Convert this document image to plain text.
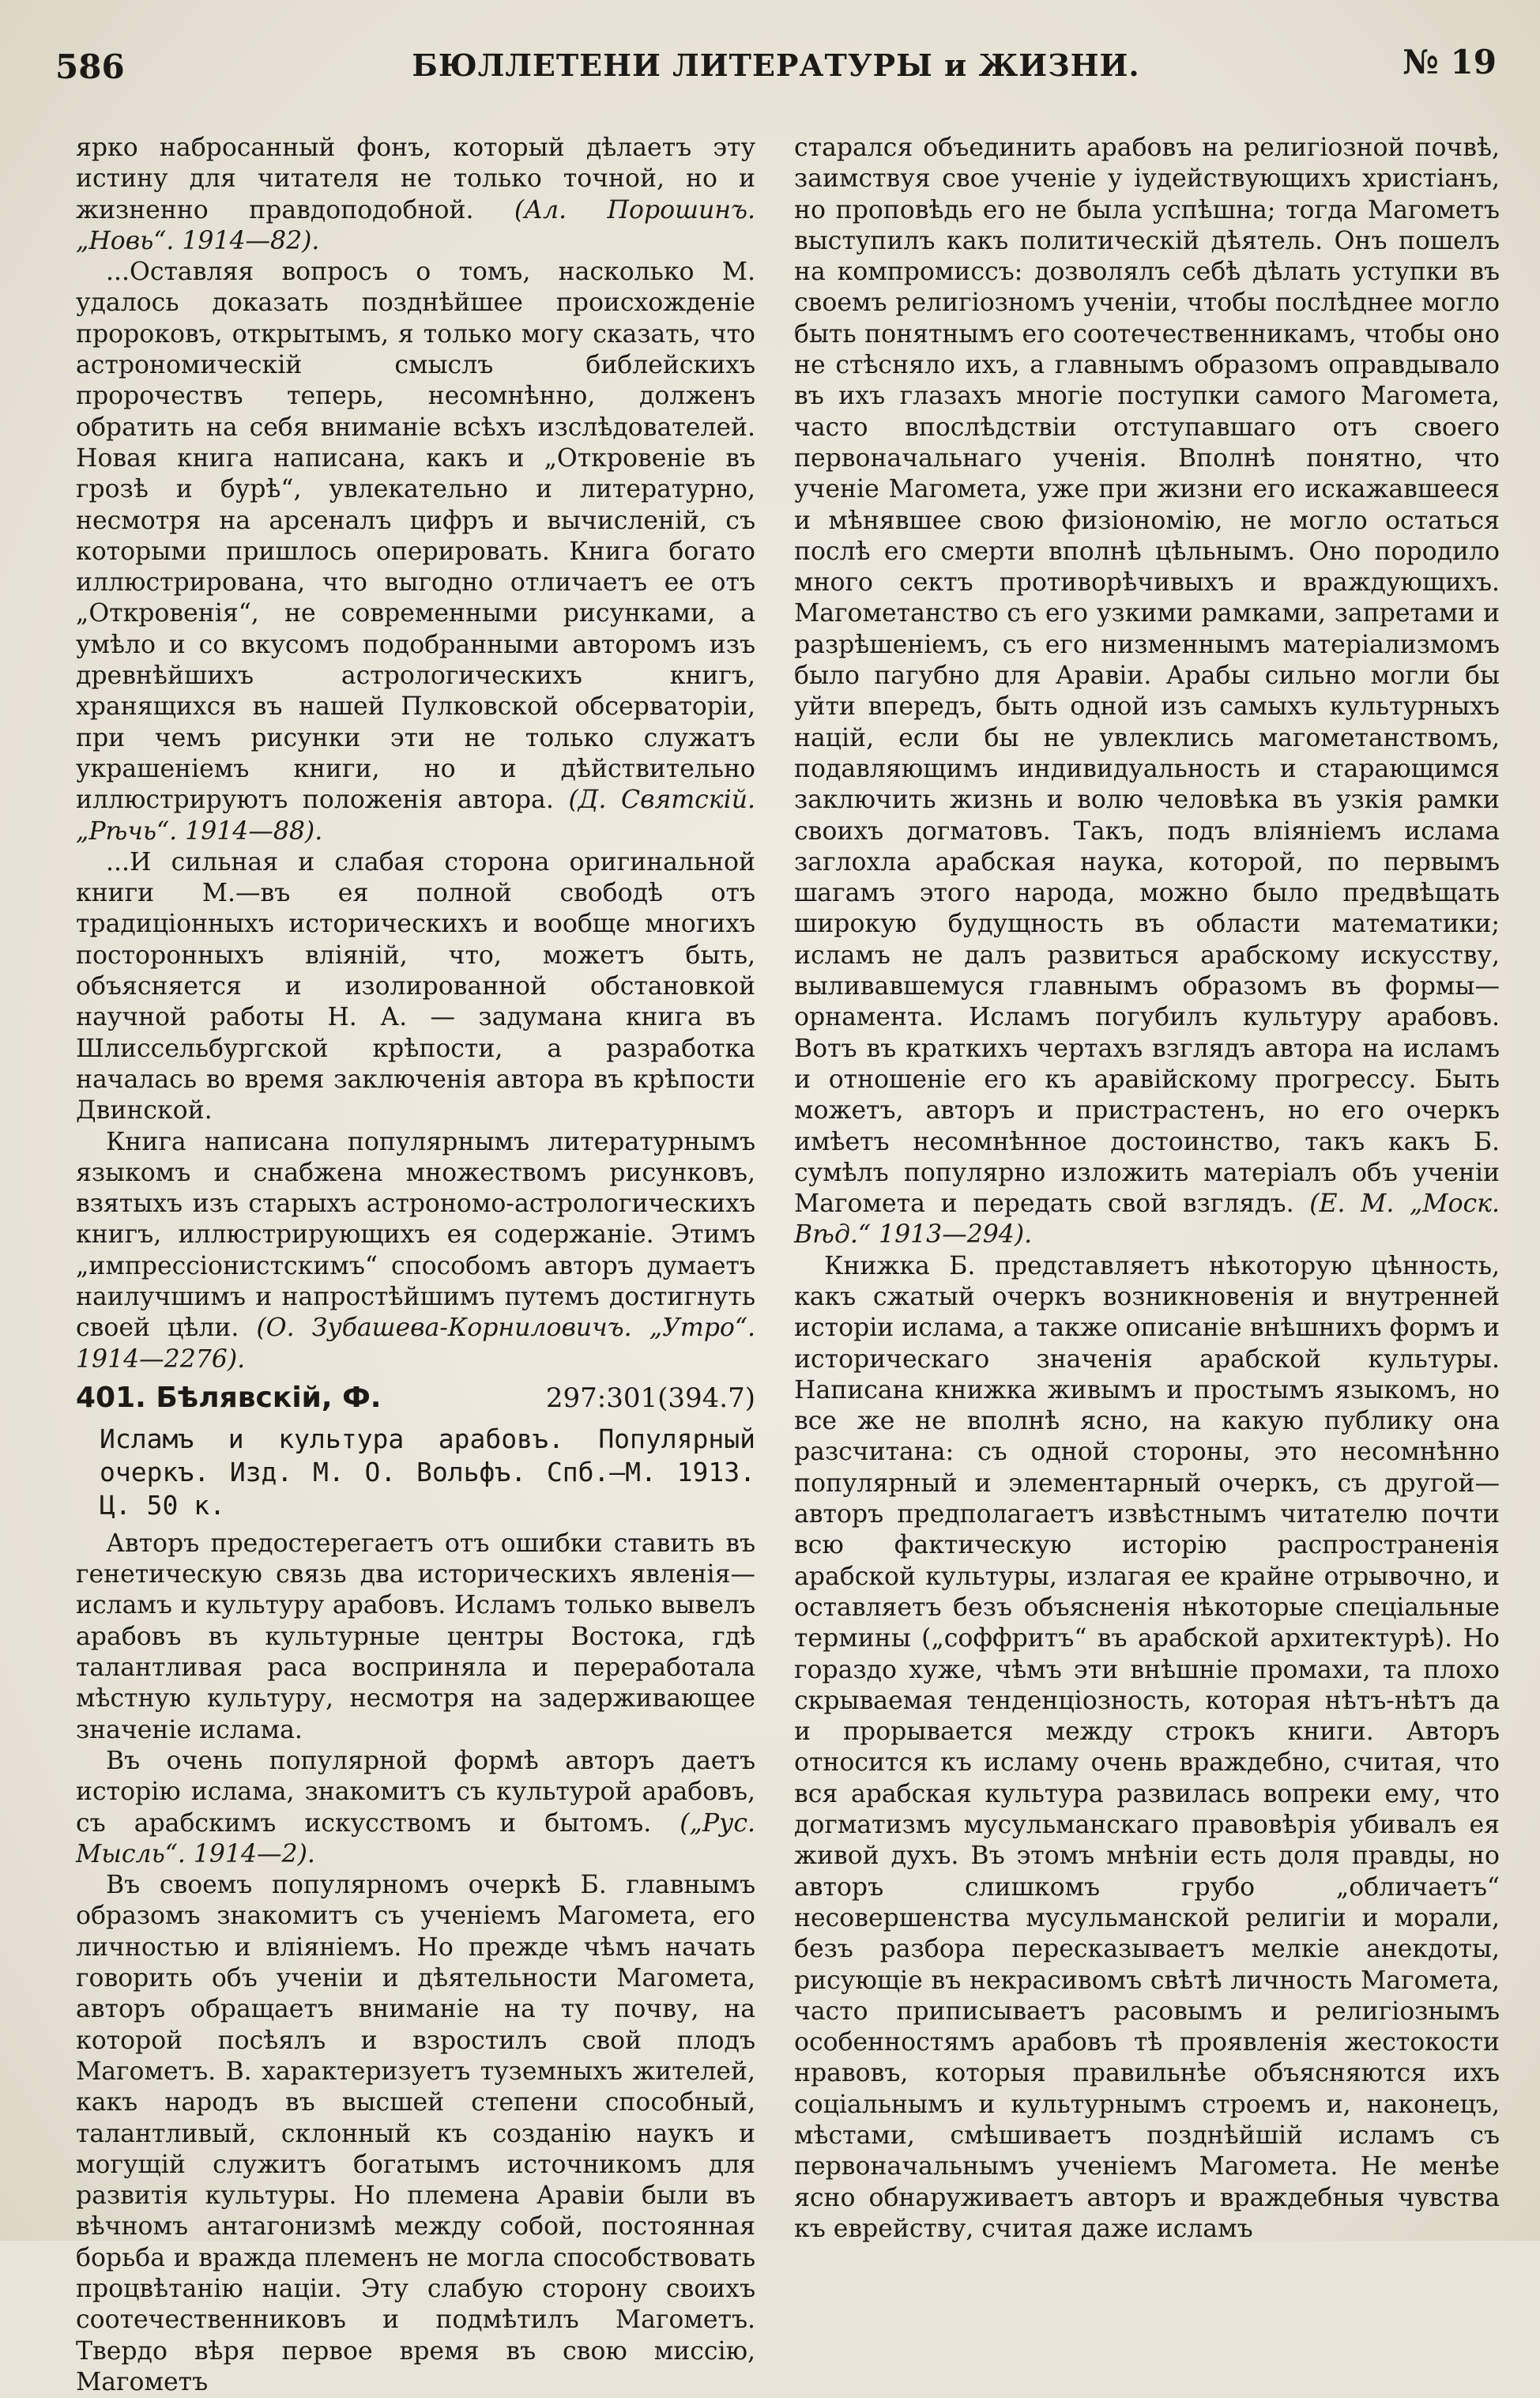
586	БЮЛЛЕТЕНИ ЛИТЕРАТУРЫ и ЖИЗНИ.	№ 19

ярко набросанный фонъ, который дѣлаетъ эту истину для читателя не только точной, но и жизненно правдоподобной. (Ал. Порошинъ. „Новь“. 1914—82).

...Оставляя вопросъ о томъ, насколько М. удалось доказать позднѣйшее происхожденіе пророковъ, открытымъ, я только могу сказать, что астрономическій смыслъ библейскихъ пророчествъ теперь, несомнѣнно, долженъ обратить на себя вниманіе всѣхъ изслѣдователей. Новая книга написана, какъ и „Откровеніе въ грозѣ и бурѣ“, увлекательно и литературно, несмотря на арсеналъ цифръ и вычисленій, съ которыми пришлось оперировать. Книга богато иллюстрирована, что выгодно отличаетъ ее отъ „Откровенія“, не современными рисунками, а умѣло и со вкусомъ подобранными авторомъ изъ древнѣйшихъ астрологическихъ книгъ, хранящихся въ нашей Пулковской обсерваторіи, при чемъ рисунки эти не только служатъ украшеніемъ книги, но и дѣйствительно иллюстрируютъ положенія автора. (Д. Святскій. „Рѣчь“. 1914—88).

...И сильная и слабая сторона оригинальной книги М.—въ ея полной свободѣ отъ традиціонныхъ историческихъ и вообще многихъ посторонныхъ вліяній, что, можетъ быть, объясняется и изолированной обстановкой научной работы Н. А. — задумана книга въ Шлиссельбургской крѣпости, а разработка началась во время заключенія автора въ крѣпости Двинской.

Книга написана популярнымъ литературнымъ языкомъ и снабжена множествомъ рисунковъ, взятыхъ изъ старыхъ астрономо-астрологическихъ книгъ, иллюстрирующихъ ея содержаніе. Этимъ „импрессіонистскимъ“ способомъ авторъ думаетъ наилучшимъ и напростѣйшимъ путемъ достигнуть своей цѣли. (О. Зубашева-Корниловичъ. „Утро“. 1914—2276).

401. Бѣлявскій, Ф.	297:301(394.7)
Исламъ и культура арабовъ. Популярный очеркъ. Изд. М. О. Вольфъ. Спб.—М. 1913. Ц. 50 к.

Авторъ предостерегаетъ отъ ошибки ставить въ генетическую связь два историческихъ явленія—исламъ и культуру арабовъ. Исламъ только вывелъ арабовъ въ культурные центры Востока, гдѣ талантливая раса восприняла и переработала мѣстную культуру, несмотря на задерживающее значеніе ислама.

Въ очень популярной формѣ авторъ даетъ исторію ислама, знакомитъ съ культурой арабовъ, съ арабскимъ искусствомъ и бытомъ. („Рус. Мысль“. 1914—2).

Въ своемъ популярномъ очеркѣ Б. главнымъ образомъ знакомитъ съ ученіемъ Магомета, его личностью и вліяніемъ. Но прежде чѣмъ начать говорить объ ученіи и дѣятельности Магомета, авторъ обращаетъ вниманіе на ту почву, на которой посѣялъ и взростилъ свой плодъ Магометъ. В. характеризуетъ туземныхъ жителей, какъ народъ въ высшей степени способный, талантливый, склонный къ созданію наукъ и могущій служитъ богатымъ источникомъ для развитія культуры. Но племена Аравіи были въ вѣчномъ антагонизмѣ между собой, постоянная борьба и вражда племенъ не могла способствовать процвѣтанію націи. Эту слабую сторону своихъ соотечественниковъ и подмѣтилъ Магометъ. Твердо вѣря первое время въ свою миссію, Магометъ

старался объединить арабовъ на религіозной почвѣ, заимствуя свое ученіе у іудействующихъ христіанъ, но проповѣдь его не была успѣшна; тогда Магометъ выступилъ какъ политическій дѣятель. Онъ пошелъ на компромиссъ: дозволялъ себѣ дѣлать уступки въ своемъ религіозномъ ученіи, чтобы послѣднее могло быть понятнымъ его соотечественникамъ, чтобы оно не стѣсняло ихъ, а главнымъ образомъ оправдывало въ ихъ глазахъ многіе поступки самого Магомета, часто впослѣдствіи отступавшаго отъ своего первоначальнаго ученія. Вполнѣ понятно, что ученіе Магомета, уже при жизни его искажавшееся и мѣнявшее свою физіономію, не могло остаться послѣ его смерти вполнѣ цѣльнымъ. Оно породило много сектъ противорѣчивыхъ и враждующихъ. Магометанство съ его узкими рамками, запретами и разрѣшеніемъ, съ его низменнымъ матеріализмомъ было пагубно для Аравіи. Арабы сильно могли бы уйти впередъ, быть одной изъ самыхъ культурныхъ націй, если бы не увлеклись магометанствомъ, подавляющимъ индивидуальность и старающимся заключить жизнь и волю человѣка въ узкія рамки своихъ догматовъ. Такъ, подъ вліяніемъ ислама заглохла арабская наука, которой, по первымъ шагамъ этого народа, можно было предвѣщать широкую будущность въ области математики; исламъ не далъ развиться арабскому искусству, выливавшемуся главнымъ образомъ въ формы—орнамента. Исламъ погубилъ культуру арабовъ. Вотъ въ краткихъ чертахъ взглядъ автора на исламъ и отношеніе его къ аравійскому прогрессу. Быть можетъ, авторъ и пристрастенъ, но его очеркъ имѣетъ несомнѣнное достоинство, такъ какъ Б. сумѣлъ популярно изложить матеріалъ объ ученіи Магомета и передать свой взглядъ. (Е. М. „Моск. Вѣд.“ 1913—294).

Книжка Б. представляетъ нѣкоторую цѣнность, какъ сжатый очеркъ возникновенія и внутренней исторіи ислама, а также описаніе внѣшнихъ формъ и историческаго значенія арабской культуры. Написана книжка живымъ и простымъ языкомъ, но все же не вполнѣ ясно, на какую публику она разсчитана: съ одной стороны, это несомнѣнно популярный и элементарный очеркъ, съ другой—авторъ предполагаетъ извѣстнымъ читателю почти всю фактическую исторію распространенія арабской культуры, излагая ее крайне отрывочно, и оставляетъ безъ объясненія нѣкоторые спеціальные термины („соффритъ“ въ арабской архитектурѣ). Но гораздо хуже, чѣмъ эти внѣшніе промахи, та плохо скрываемая тенденціозность, которая нѣтъ-нѣтъ да и прорывается между строкъ книги. Авторъ относится къ исламу очень враждебно, считая, что вся арабская культура развилась вопреки ему, что догматизмъ мусульманскаго правовѣрія убивалъ ея живой духъ. Въ этомъ мнѣніи есть доля правды, но авторъ слишкомъ грубо „обличаетъ“ несовершенства мусульманской религіи и морали, безъ разбора пересказываетъ мелкіе анекдоты, рисующіе въ некрасивомъ свѣтѣ личность Магомета, часто приписываетъ расовымъ и религіознымъ особенностямъ арабовъ тѣ проявленія жестокости нравовъ, которыя правильнѣе объясняются ихъ соціальнымъ и культурнымъ строемъ и, наконецъ, мѣстами, смѣшиваетъ позднѣйшій исламъ съ первоначальнымъ ученіемъ Магомета. Не менѣе ясно обнаруживаетъ авторъ и враждебныя чувства къ еврейству, считая даже исламъ
